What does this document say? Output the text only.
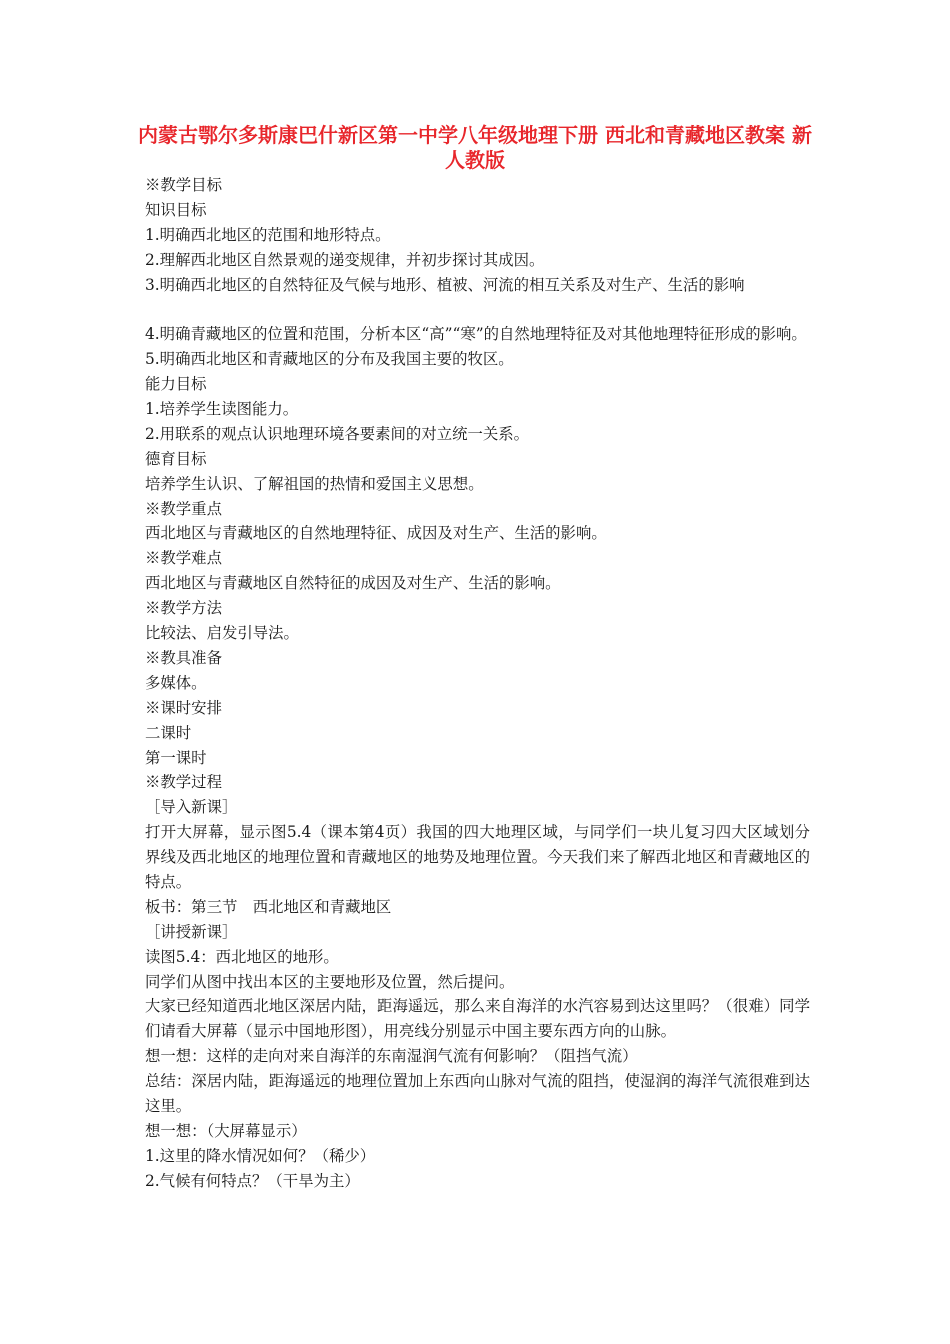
内蒙古鄂尔多斯康巴什新区第一中学八年级地理下册 西北和青藏地区教案 新人教版
※教学目标
知识目标
1.明确西北地区的范围和地形特点。
2.理解西北地区自然景观的递变规律，并初步探讨其成因。
3.明确西北地区的自然特征及气候与地形、植被、河流的相互关系及对生产、生活的影响
4.明确青藏地区的位置和范围，分析本区“高”“寒”的自然地理特征及对其他地理特征形成的影响。
5.明确西北地区和青藏地区的分布及我国主要的牧区。
能力目标
1.培养学生读图能力。
2.用联系的观点认识地理环境各要素间的对立统一关系。
德育目标
培养学生认识、了解祖国的热情和爱国主义思想。
※教学重点
西北地区与青藏地区的自然地理特征、成因及对生产、生活的影响。
※教学难点
西北地区与青藏地区自然特征的成因及对生产、生活的影响。
※教学方法
比较法、启发引导法。
※教具准备
多媒体。
※课时安排
二课时
第一课时
※教学过程
［导入新课］
打开大屏幕，显示图5.4（课本第4页）我国的四大地理区域，与同学们一块儿复习四大区域划分界线及西北地区的地理位置和青藏地区的地势及地理位置。今天我们来了解西北地区和青藏地区的特点。
板书：第三节　西北地区和青藏地区
［讲授新课］
读图5.4：西北地区的地形。
同学们从图中找出本区的主要地形及位置，然后提问。
大家已经知道西北地区深居内陆，距海遥远，那么来自海洋的水汽容易到达这里吗？（很难）同学们请看大屏幕（显示中国地形图），用亮线分别显示中国主要东西方向的山脉。
想一想：这样的走向对来自海洋的东南湿润气流有何影响？（阻挡气流）
总结：深居内陆，距海遥远的地理位置加上东西向山脉对气流的阻挡，使湿润的海洋气流很难到达这里。
想一想：（大屏幕显示）
1.这里的降水情况如何？（稀少）
2.气候有何特点？（干旱为主）
